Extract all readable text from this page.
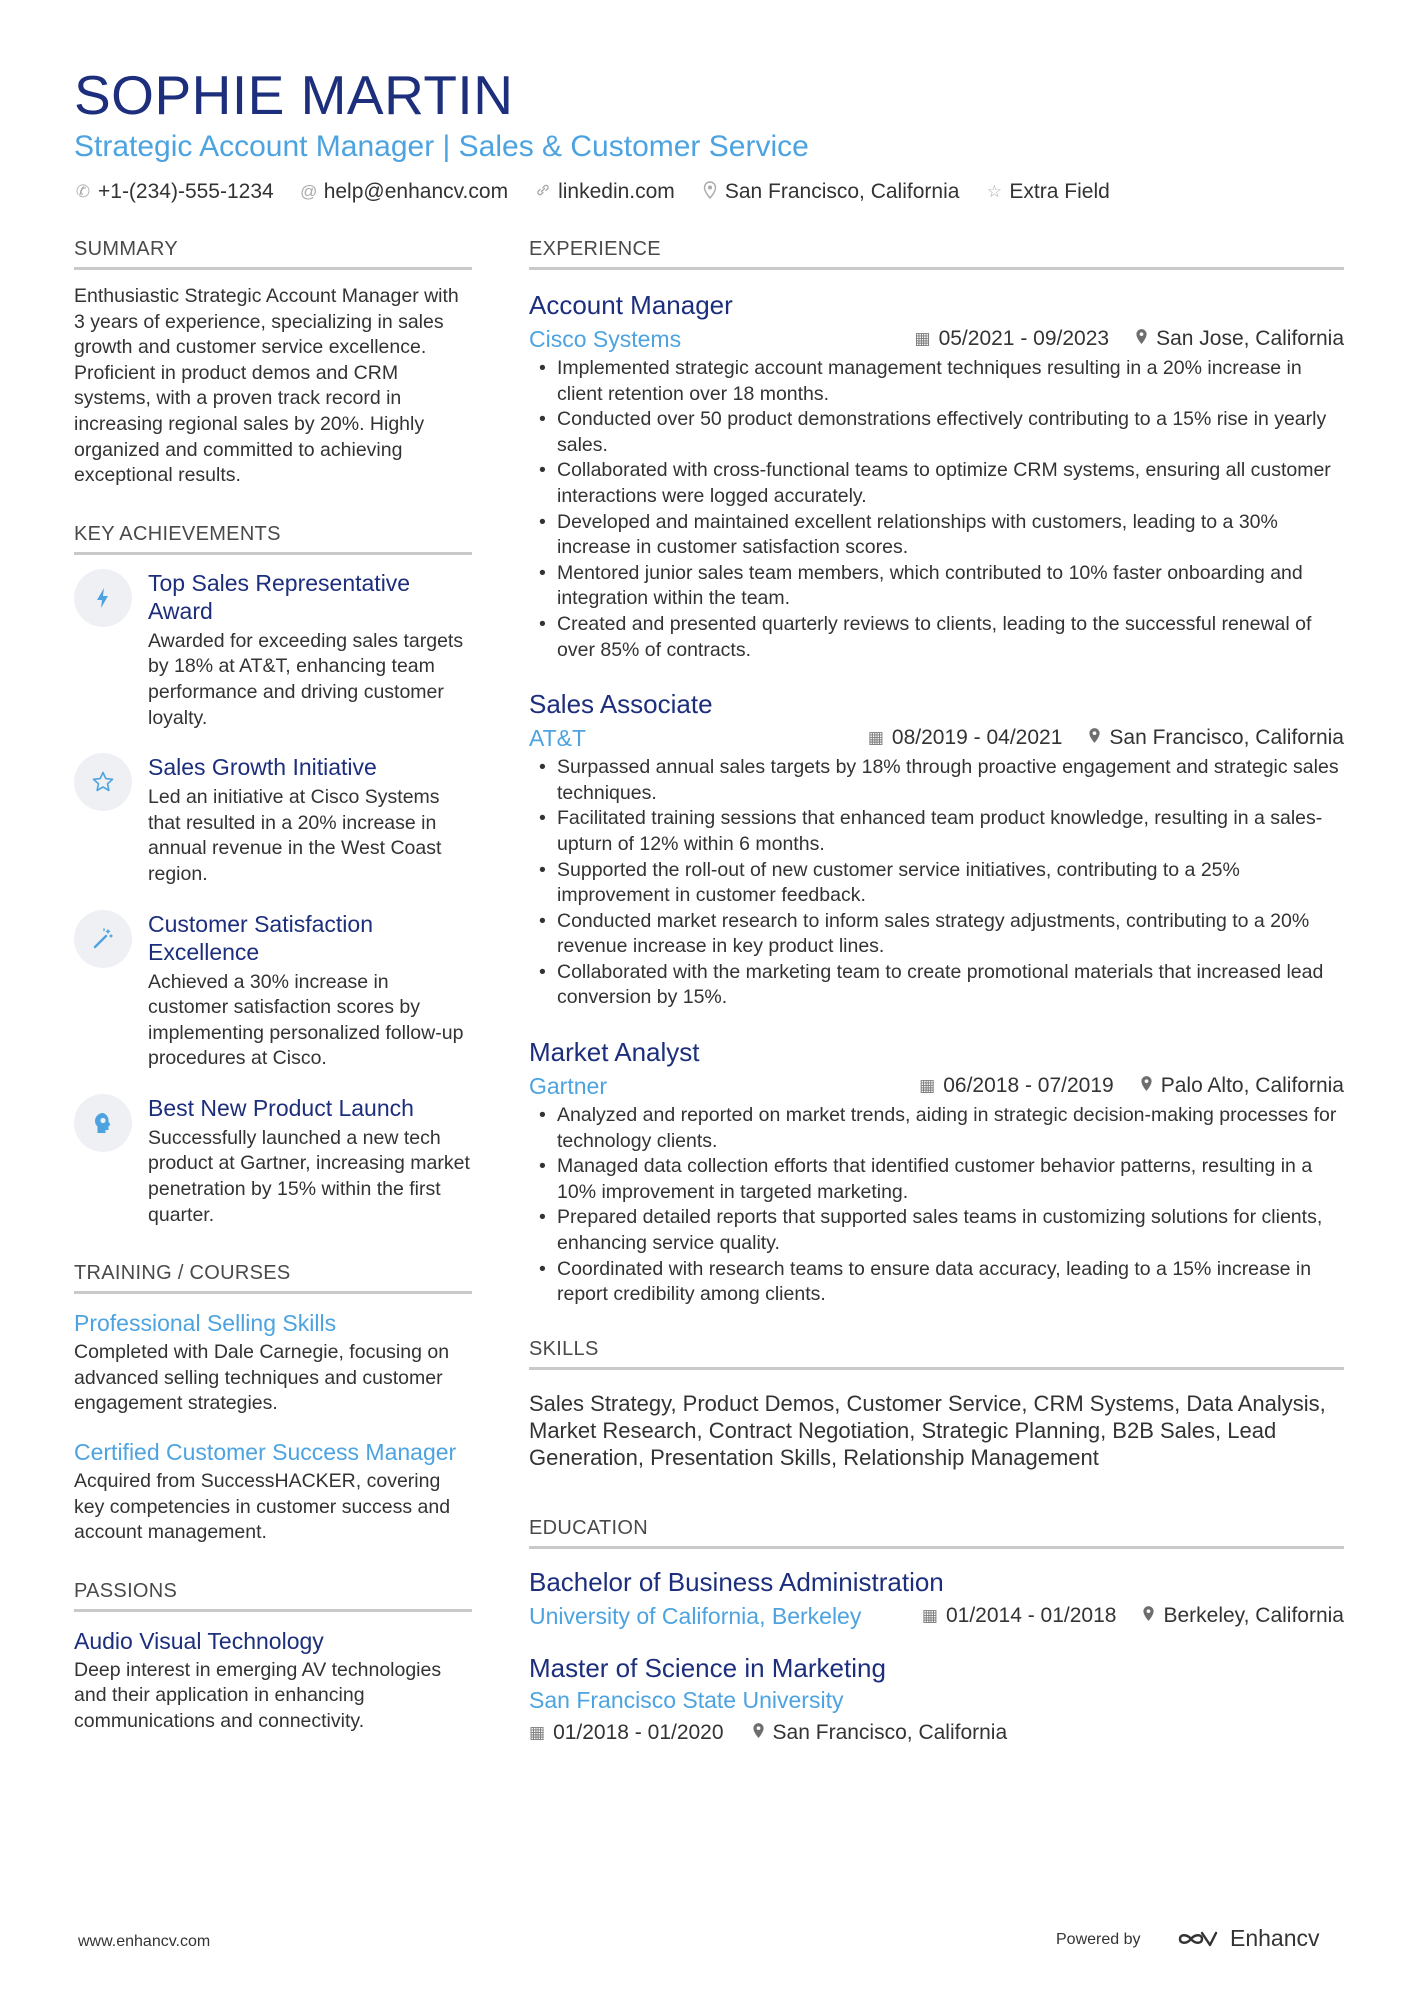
SOPHIE MARTIN
Strategic Account Manager | Sales & Customer Service
✆ +1-(234)-555-1234 @ help@enhancv.com linkedin.com San Francisco, California ☆ Extra Field
SUMMARY

Enthusiastic Strategic Account Manager with 3 years of experience, specializing in sales growth and customer service excellence. Proficient in product demos and CRM systems, with a proven track record in increasing regional sales by 20%. Highly organized and committed to achieving exceptional results.

KEY ACHIEVEMENTS
Top Sales Representative Award
Awarded for exceeding sales targets by 18% at AT&T, enhancing team performance and driving customer loyalty.
Sales Growth Initiative
Led an initiative at Cisco Systems that resulted in a 20% increase in annual revenue in the West Coast region.
Customer Satisfaction Excellence
Achieved a 30% increase in customer satisfaction scores by implementing personalized follow-up procedures at Cisco.
Best New Product Launch
Successfully launched a new tech product at Gartner, increasing market penetration by 15% within the first quarter.
TRAINING / COURSES
Professional Selling Skills
Completed with Dale Carnegie, focusing on advanced selling techniques and customer engagement strategies.
Certified Customer Success Manager
Acquired from SuccessHACKER, covering key competencies in customer success and account management.
PASSIONS
Audio Visual Technology
Deep interest in emerging AV technologies and their application in enhancing communications and connectivity.
EXPERIENCE
Account Manager
Cisco Systems	▦ 05/2021 - 09/2023 San Jose, California
• Implemented strategic account management techniques resulting in a 20% increase in client retention over 18 months.
• Conducted over 50 product demonstrations effectively contributing to a 15% rise in yearly sales.
• Collaborated with cross-functional teams to optimize CRM systems, ensuring all customer interactions were logged accurately.
• Developed and maintained excellent relationships with customers, leading to a 30% increase in customer satisfaction scores.
• Mentored junior sales team members, which contributed to 10% faster onboarding and integration within the team.
• Created and presented quarterly reviews to clients, leading to the successful renewal of over 85% of contracts.
Sales Associate
AT&T	▦ 08/2019 - 04/2021 San Francisco, California
• Surpassed annual sales targets by 18% through proactive engagement and strategic sales techniques.
• Facilitated training sessions that enhanced team product knowledge, resulting in a sales-upturn of 12% within 6 months.
• Supported the roll-out of new customer service initiatives, contributing to a 25% improvement in customer feedback.
• Conducted market research to inform sales strategy adjustments, contributing to a 20% revenue increase in key product lines.
• Collaborated with the marketing team to create promotional materials that increased lead conversion by 15%.
Market Analyst
Gartner	▦ 06/2018 - 07/2019 Palo Alto, California
• Analyzed and reported on market trends, aiding in strategic decision-making processes for technology clients.
• Managed data collection efforts that identified customer behavior patterns, resulting in a 10% improvement in targeted marketing.
• Prepared detailed reports that supported sales teams in customizing solutions for clients, enhancing service quality.
• Coordinated with research teams to ensure data accuracy, leading to a 15% increase in report credibility among clients.
SKILLS

Sales Strategy, Product Demos, Customer Service, CRM Systems, Data Analysis, Market Research, Contract Negotiation, Strategic Planning, B2B Sales, Lead Generation, Presentation Skills, Relationship Management

EDUCATION
Bachelor of Business Administration
University of California, Berkeley	▦ 01/2014 - 01/2018 Berkeley, California
Master of Science in Marketing
San Francisco State University
▦ 01/2018 - 01/2020 San Francisco, California
www.enhancv.com	Powered by	Enhancv
